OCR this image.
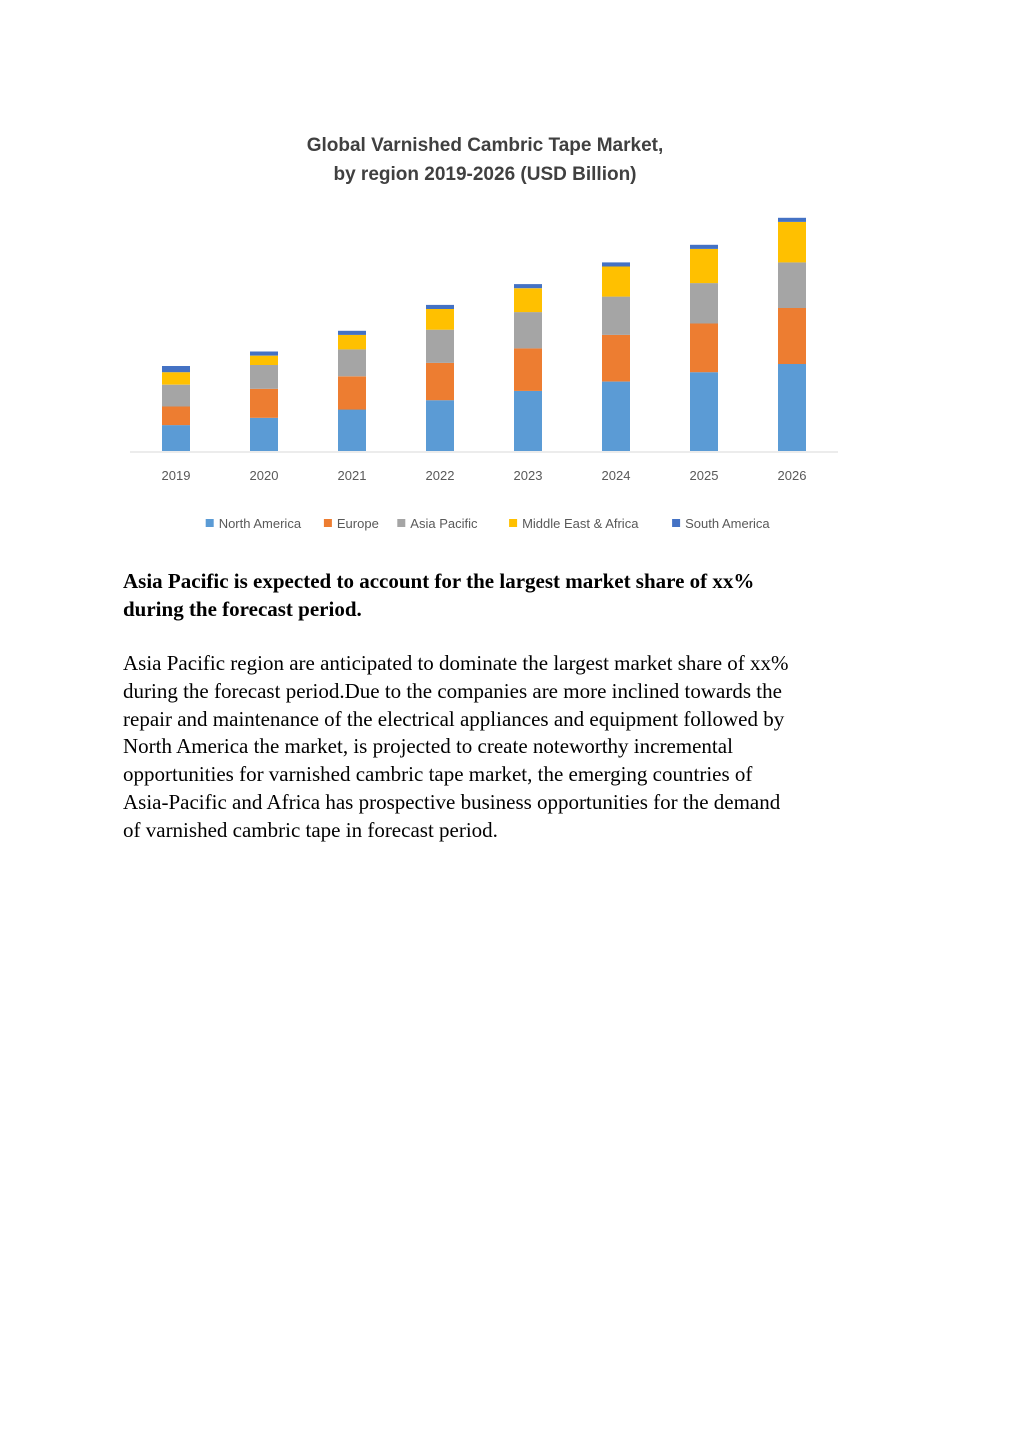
Global Varnished Cambric Tape Market,
by region 2019-2026 (USD Billion)
2019	2020	2021	2022	2023	2024	2025	2026
North America	Europe Asia Pacific	Middle East & Africa	South America

Asia Pacific is expected to account for the largest market share of xx%
during the forecast period.

Asia Pacific region are anticipated to dominate the largest market share of xx%
during the forecast period.Due to the companies are more inclined towards the
repair and maintenance of the electrical appliances and equipment followed by
North America the market, is projected to create noteworthy incremental
opportunities for varnished cambric tape market, the emerging countries of
Asia-Pacific and Africa has prospective business opportunities for the demand
of varnished cambric tape in forecast period.
